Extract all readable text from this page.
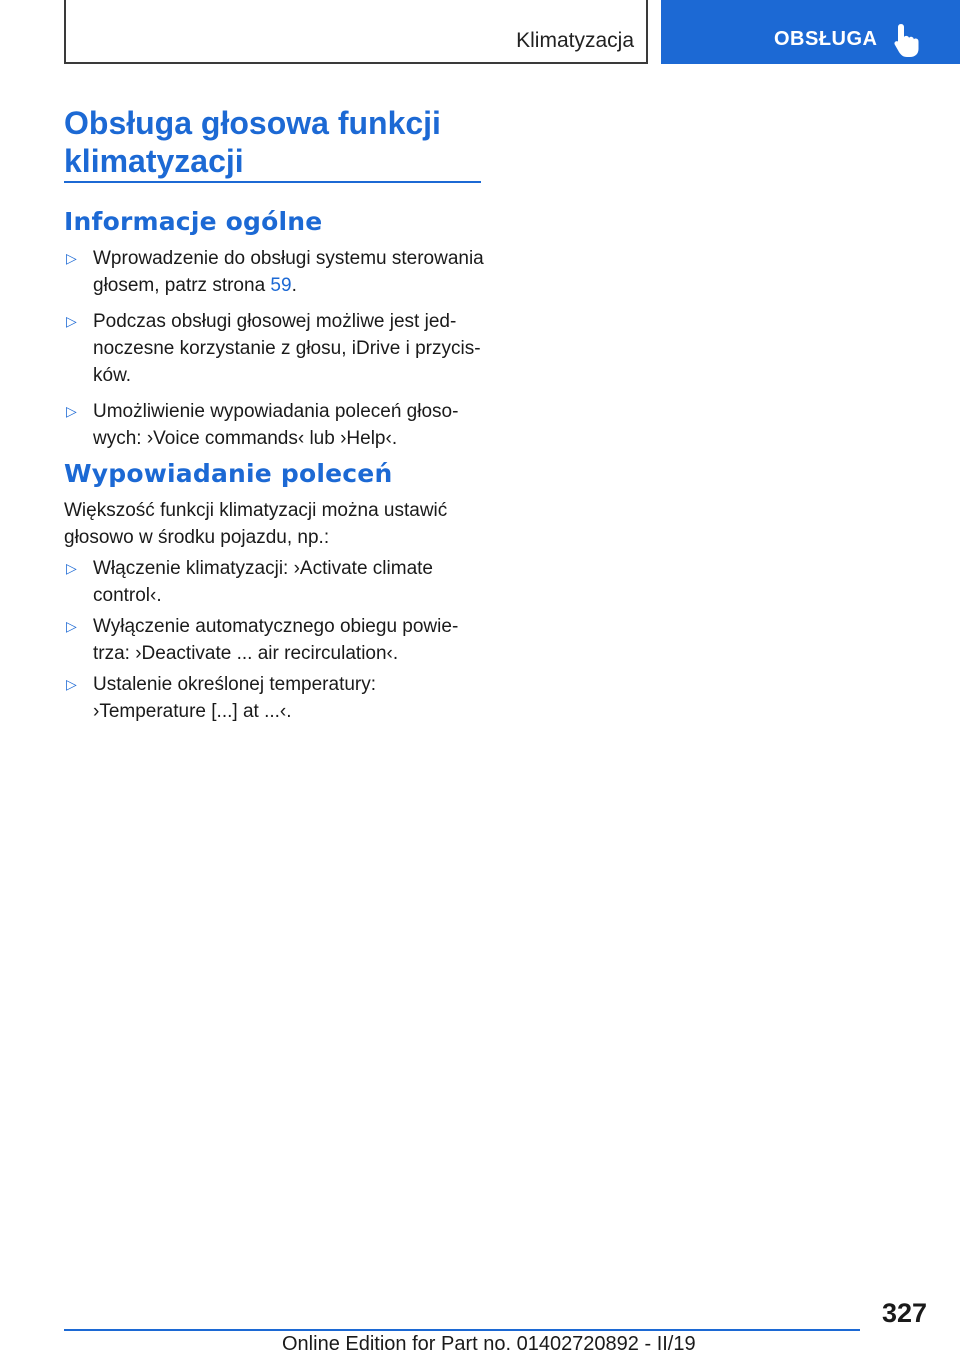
Klimatyzacja	OBSŁUGA
Obsługa głosowa funkcji klimatyzacji
Informacje ogólne
▷ Wprowadzenie do obsługi systemu sterowania głosem, patrz strona 59.
▷ Podczas obsługi głosowej możliwe jest jednoczesne korzystanie z głosu, iDrive i przycisków.
▷ Umożliwienie wypowiadania poleceń głosowych: ›Voice commands‹ lub ›Help‹.
Wypowiadanie poleceń

Większość funkcji klimatyzacji można ustawić głosowo w środku pojazdu, np.:

▷ Włączenie klimatyzacji: ›Activate climate control‹.
▷ Wyłączenie automatycznego obiegu powietrza: ›Deactivate ... air recirculation‹.
▷ Ustalenie określonej temperatury: ›Temperature [...] at ...‹.
327
Online Edition for Part no. 01402720892 - II/19
